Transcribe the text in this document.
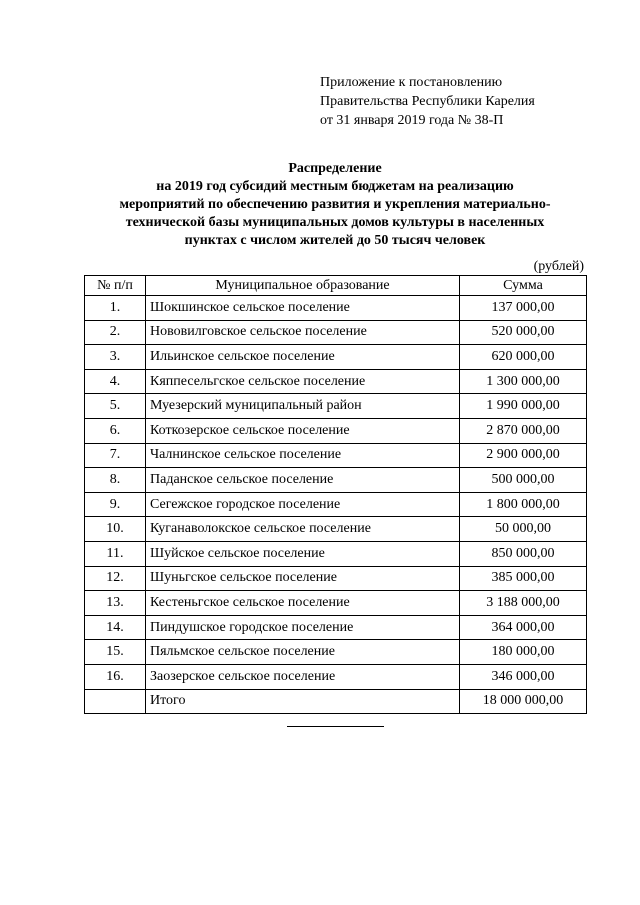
Приложение к постановлению
Правительства Республики Карелия
от 31 января 2019 года № 38-П
Распределение
на 2019 год субсидий местным бюджетам на реализацию
мероприятий по обеспечению развития и укрепления материально-
технической базы муниципальных домов культуры в населенных
пунктах с числом жителей до 50 тысяч человек
(рублей)
№ п/п	Муниципальное образование	Сумма
1.	Шокшинское сельское поселение	137 000,00
2.	Нововилговское сельское поселение	520 000,00
3.	Ильинское сельское поселение	620 000,00
4.	Кяппесельгское сельское поселение	1 300 000,00
5.	Муезерский муниципальный район	1 990 000,00
6.	Коткозерское сельское поселение	2 870 000,00
7.	Чалнинское сельское поселение	2 900 000,00
8.	Паданское сельское поселение	500 000,00
9.	Сегежское городское поселение	1 800 000,00
10.	Куганаволокское сельское поселение	50 000,00
11.	Шуйское сельское поселение	850 000,00
12.	Шуньгское сельское поселение	385 000,00
13.	Кестеньгское сельское поселение	3 188 000,00
14.	Пиндушское городское поселение	364 000,00
15.	Пяльмское сельское поселение	180 000,00
16.	Заозерское сельское поселение	346 000,00
	Итого	18 000 000,00
